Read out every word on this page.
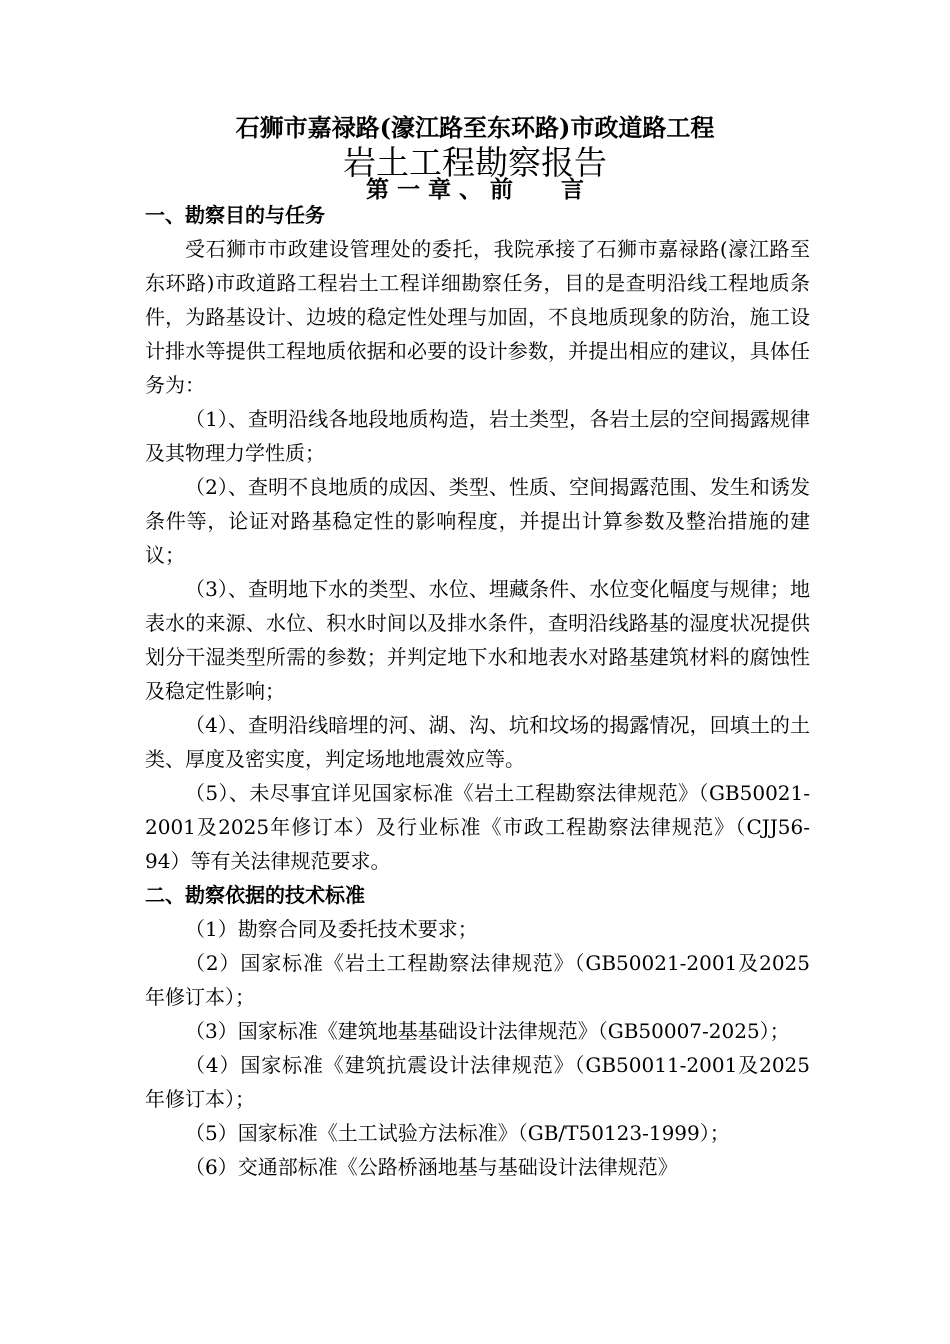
石狮市嘉禄路(濠江路至东环路)市政道路工程
岩土工程勘察报告
第 一 章 、 前      言

一、勘察目的与任务

受石狮市市政建设管理处的委托，我院承接了石狮市嘉禄路(濠江路至东环路)市政道路工程岩土工程详细勘察任务，目的是查明沿线工程地质条件，为路基设计、边坡的稳定性处理与加固，不良地质现象的防治，施工设计排水等提供工程地质依据和必要的设计参数，并提出相应的建议，具体任务为：

（1）、查明沿线各地段地质构造，岩土类型，各岩土层的空间揭露规律及其物理力学性质；

（2）、查明不良地质的成因、类型、性质、空间揭露范围、发生和诱发条件等，论证对路基稳定性的影响程度，并提出计算参数及整治措施的建议；

（3）、查明地下水的类型、水位、埋藏条件、水位变化幅度与规律；地表水的来源、水位、积水时间以及排水条件，查明沿线路基的湿度状况提供划分干湿类型所需的参数；并判定地下水和地表水对路基建筑材料的腐蚀性及稳定性影响；

（4）、查明沿线暗埋的河、湖、沟、坑和坟场的揭露情况，回填土的土类、厚度及密实度，判定场地地震效应等。

（5）、未尽事宜详见国家标准《岩土工程勘察法律规范》（GB50021-2001及2025年修订本）及行业标准《市政工程勘察法律规范》（CJJ56-94）等有关法律规范要求。

二、勘察依据的技术标准

（1）勘察合同及委托技术要求；

（2）国家标准《岩土工程勘察法律规范》（GB50021-2001及2025年修订本）；

（3）国家标准《建筑地基基础设计法律规范》（GB50007-2025）；

（4）国家标准《建筑抗震设计法律规范》（GB50011-2001及2025年修订本）；

（5）国家标准《土工试验方法标准》（GB/T50123-1999）；

（6）交通部标准《公路桥涵地基与基础设计法律规范》
